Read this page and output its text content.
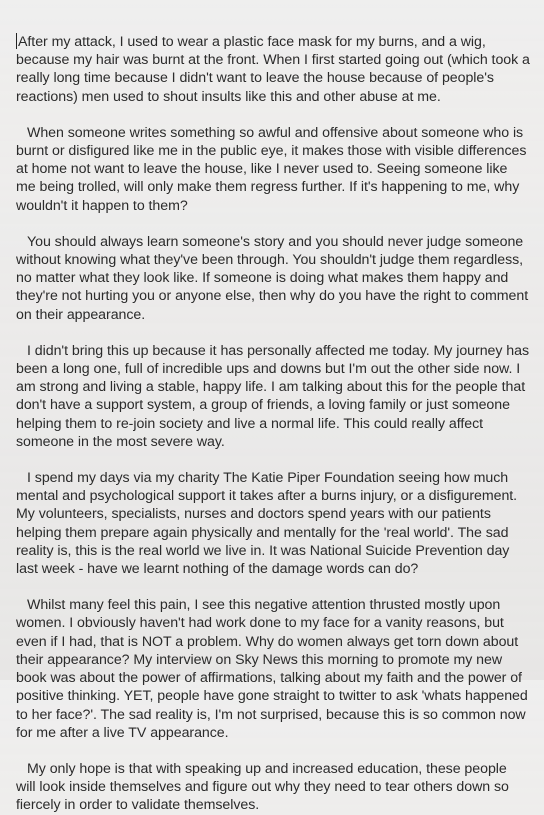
After my attack, I used to wear a plastic face mask for my burns, and a wig, because my hair was burnt at the front. When I first started going out (which took a really long time because I didn't want to leave the house because of people's reactions) men used to shout insults like this and other abuse at me.

When someone writes something so awful and offensive about someone who is burnt or disfigured like me in the public eye, it makes those with visible differences at home not want to leave the house, like I never used to. Seeing someone like me being trolled, will only make them regress further. If it's happening to me, why wouldn't it happen to them?

You should always learn someone's story and you should never judge someone without knowing what they've been through. You shouldn't judge them regardless, no matter what they look like. If someone is doing what makes them happy and they're not hurting you or anyone else, then why do you have the right to comment on their appearance.

I didn't bring this up because it has personally affected me today. My journey has been a long one, full of incredible ups and downs but I'm out the other side now. I am strong and living a stable, happy life. I am talking about this for the people that don't have a support system, a group of friends, a loving family or just someone helping them to re-join society and live a normal life. This could really affect someone in the most severe way.

I spend my days via my charity The Katie Piper Foundation seeing how much mental and psychological support it takes after a burns injury, or a disfigurement. My volunteers, specialists, nurses and doctors spend years with our patients helping them prepare again physically and mentally for the 'real world'. The sad reality is, this is the real world we live in. It was National Suicide Prevention day last week - have we learnt nothing of the damage words can do?

Whilst many feel this pain, I see this negative attention thrusted mostly upon women. I obviously haven't had work done to my face for a vanity reasons, but even if I had, that is NOT a problem. Why do women always get torn down about their appearance? My interview on Sky News this morning to promote my new book was about the power of affirmations, talking about my faith and the power of positive thinking. YET, people have gone straight to twitter to ask 'whats happened to her face?'. The sad reality is, I'm not surprised, because this is so common now for me after a live TV appearance.

My only hope is that with speaking up and increased education, these people will look inside themselves and figure out why they need to tear others down so fiercely in order to validate themselves.
